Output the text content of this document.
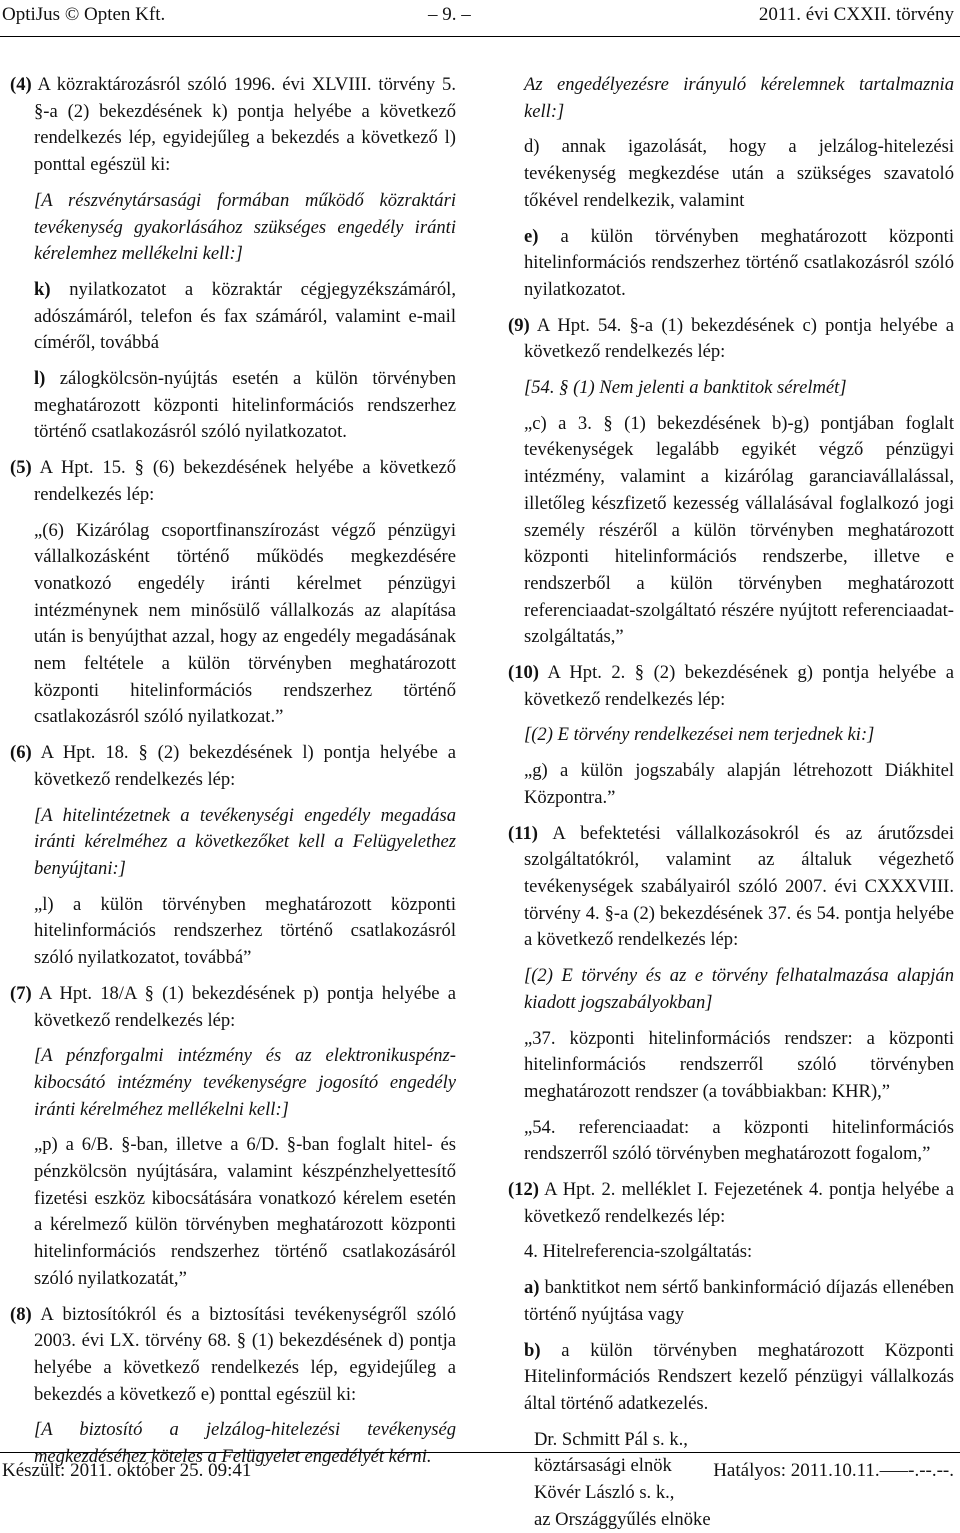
OptiJus © Opten Kft.	– 9. –	2011. évi CXXII. törvény

(4) A közraktározásról szóló 1996. évi XLVIII. törvény 5. §-a (2) bekezdésének k) pontja helyébe a következő rendelkezés lép, egyidejűleg a bekezdés a következő l) ponttal egészül ki:

[A részvénytársasági formában működő közraktári tevékenység gyakorlásához szükséges engedély iránti kérelemhez mellékelni kell:]

k) nyilatkozatot a közraktár cégjegyzékszámáról, adószámáról, telefon és fax számáról, valamint e-mail címéről, továbbá

l) zálogkölcsön-nyújtás esetén a külön törvényben meghatározott központi hitelinformációs rendszerhez történő csatlakozásról szóló nyilatkozatot.

(5) A Hpt. 15. § (6) bekezdésének helyébe a következő rendelkezés lép:

„(6) Kizárólag csoportfinanszírozást végző pénzügyi vállalkozásként történő működés megkezdésére vonatkozó engedély iránti kérelmet pénzügyi intézménynek nem minősülő vállalkozás az alapítása után is benyújthat azzal, hogy az engedély megadásának nem feltétele a külön törvényben meghatározott központi hitelinformációs rendszerhez történő csatlakozásról szóló nyilatkozat.”

(6) A Hpt. 18. § (2) bekezdésének l) pontja helyébe a következő rendelkezés lép:

[A hitelintézetnek a tevékenységi engedély megadása iránti kérelméhez a következőket kell a Felügyelethez benyújtani:]

„l) a külön törvényben meghatározott központi hitelinformációs rendszerhez történő csatlakozásról szóló nyilatkozatot, továbbá”

(7) A Hpt. 18/A § (1) bekezdésének p) pontja helyébe a következő rendelkezés lép:

[A pénzforgalmi intézmény és az elektronikuspénz-kibocsátó intézmény tevékenységre jogosító engedély iránti kérelméhez mellékelni kell:]

„p) a 6/B. §-ban, illetve a 6/D. §-ban foglalt hitel- és pénzkölcsön nyújtására, valamint készpénzhelyettesítő fizetési eszköz kibocsátására vonatkozó kérelem esetén a kérelmező külön törvényben meghatározott központi hitelinformációs rendszerhez történő csatlakozásáról szóló nyilatkozatát,”

(8) A biztosítókról és a biztosítási tevékenységről szóló 2003. évi LX. törvény 68. § (1) bekezdésének d) pontja helyébe a következő rendelkezés lép, egyidejűleg a bekezdés a következő e) ponttal egészül ki:

[A biztosító a jelzálog-hitelezési tevékenység megkezdéséhez köteles a Felügyelet engedélyét kérni.

Az engedélyezésre irányuló kérelemnek tartalmaznia kell:]

d) annak igazolását, hogy a jelzálog-hitelezési tevékenység megkezdése után a szükséges szavatoló tőkével rendelkezik, valamint

e) a külön törvényben meghatározott központi hitelinformációs rendszerhez történő csatlakozásról szóló nyilatkozatot.

(9) A Hpt. 54. §-a (1) bekezdésének c) pontja helyébe a következő rendelkezés lép:

[54. § (1) Nem jelenti a banktitok sérelmét]

„c) a 3. § (1) bekezdésének b)-g) pontjában foglalt tevékenységek legalább egyikét végző pénzügyi intézmény, valamint a kizárólag garanciavállalással, illetőleg készfizető kezesség vállalásával foglalkozó jogi személy részéről a külön törvényben meghatározott központi hitelinformációs rendszerbe, illetve e rendszerből a külön törvényben meghatározott referenciaadat-szolgáltató részére nyújtott referenciaadat-szolgáltatás,”

(10) A Hpt. 2. § (2) bekezdésének g) pontja helyébe a következő rendelkezés lép:

[(2) E törvény rendelkezései nem terjednek ki:]

„g) a külön jogszabály alapján létrehozott Diákhitel Központra.”

(11) A befektetési vállalkozásokról és az árutőzsdei szolgáltatókról, valamint az általuk végezhető tevékenységek szabályairól szóló 2007. évi CXXXVIII. törvény 4. §-a (2) bekezdésének 37. és 54. pontja helyébe a következő rendelkezés lép:

[(2) E törvény és az e törvény felhatalmazása alapján kiadott jogszabályokban]

„37. központi hitelinformációs rendszer: a központi hitelinformációs rendszerről szóló törvényben meghatározott rendszer (a továbbiakban: KHR),”

„54. referenciaadat: a központi hitelinformációs rendszerről szóló törvényben meghatározott fogalom,”

(12) A Hpt. 2. melléklet I. Fejezetének 4. pontja helyébe a következő rendelkezés lép:

4. Hitelreferencia-szolgáltatás:

a) banktitkot nem sértő bankinformáció díjazás ellenében történő nyújtása vagy

b) a külön törvényben meghatározott Központi Hitelinformációs Rendszert kezelő pénzügyi vállalkozás által történő adatkezelés.

Dr. Schmitt Pál s. k.,

köztársasági elnök

Kövér László s. k.,

az Országgyűlés elnöke

Készült: 2011. október 25. 09:41	Hatályos: 2011.10.11.–––-.--.--.
